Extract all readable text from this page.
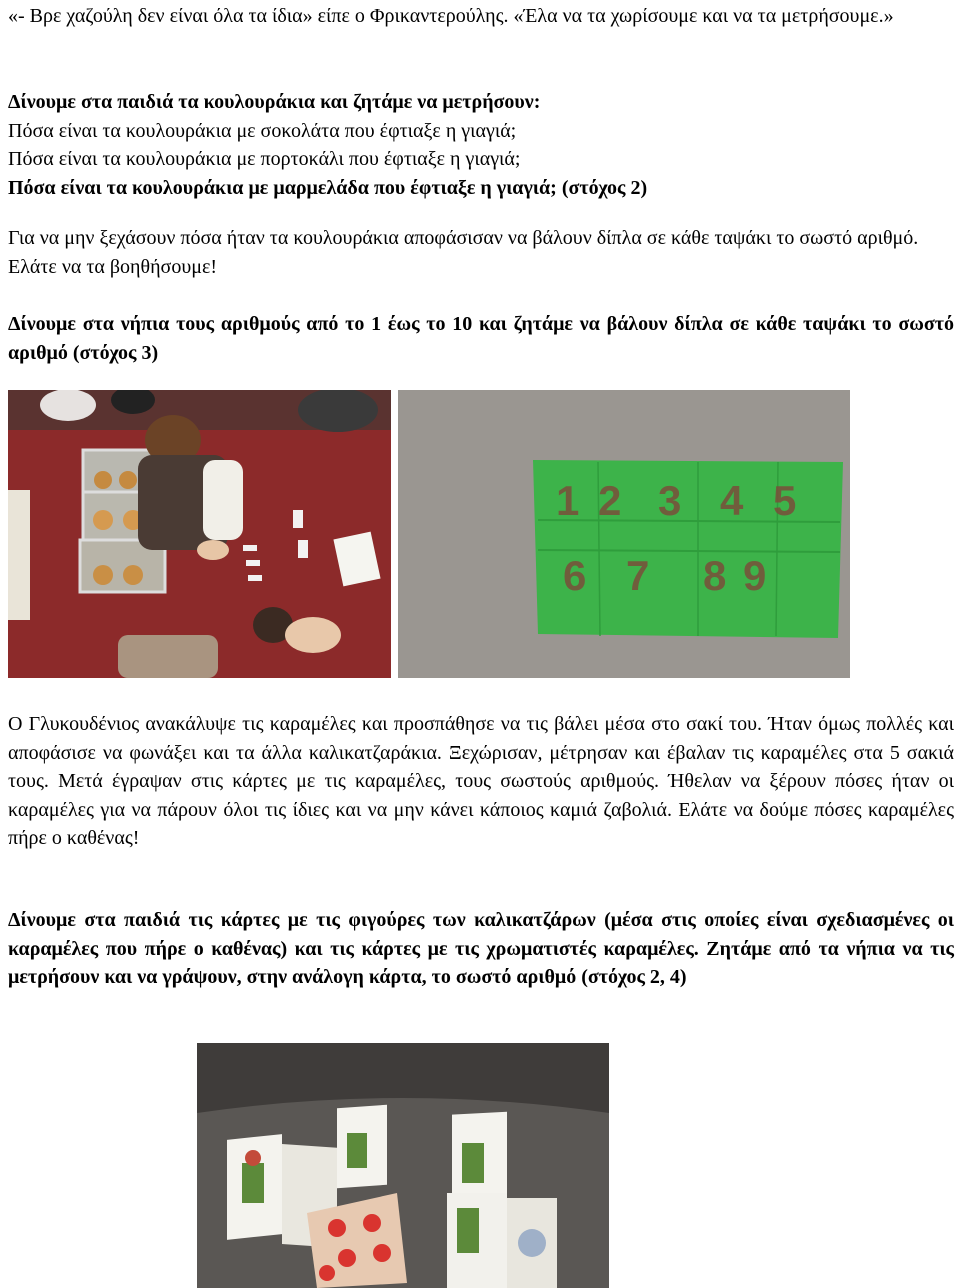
«- Βρε χαζούλη δεν είναι όλα τα ίδια» είπε ο Φρικαντερούλης. «Έλα να τα χωρίσουμε και να τα μετρήσουμε.»

Δίνουμε στα παιδιά τα κουλουράκια και ζητάμε να μετρήσουν:
Πόσα είναι τα κουλουράκια με σοκολάτα που έφτιαξε η γιαγιά;
Πόσα είναι τα κουλουράκια με πορτοκάλι που έφτιαξε η γιαγιά;
Πόσα είναι τα κουλουράκια με μαρμελάδα που έφτιαξε η γιαγιά; (στόχος 2)

Για να μην ξεχάσουν πόσα ήταν τα κουλουράκια αποφάσισαν να βάλουν δίπλα σε κάθε ταψάκι το σωστό αριθμό. Ελάτε να τα βοηθήσουμε!

Δίνουμε στα νήπια τους αριθμούς από το 1 έως το 10 και ζητάμε να βάλουν δίπλα σε κάθε ταψάκι το σωστό αριθμό (στόχος 3)

1 2 3 4 5
6 7 8 9

Ο Γλυκουδένιος ανακάλυψε τις καραμέλες και προσπάθησε να τις βάλει μέσα στο σακί του. Ήταν όμως πολλές και αποφάσισε να φωνάξει και τα άλλα καλικατζαράκια. Ξεχώρισαν, μέτρησαν και έβαλαν τις καραμέλες στα 5 σακιά τους. Μετά έγραψαν στις κάρτες με τις καραμέλες, τους σωστούς αριθμούς. Ήθελαν να ξέρουν πόσες ήταν οι καραμέλες για να πάρουν όλοι τις ίδιες και να μην κάνει κάποιος καμιά ζαβολιά. Ελάτε να δούμε πόσες καραμέλες πήρε ο καθένας!

Δίνουμε στα παιδιά τις κάρτες με τις φιγούρες των καλικατζάρων (μέσα στις οποίες είναι σχεδιασμένες οι καραμέλες που πήρε ο καθένας) και τις κάρτες με τις χρωματιστές καραμέλες. Ζητάμε από τα νήπια να τις μετρήσουν και να γράψουν, στην ανάλογη κάρτα, το σωστό αριθμό (στόχος 2, 4)
